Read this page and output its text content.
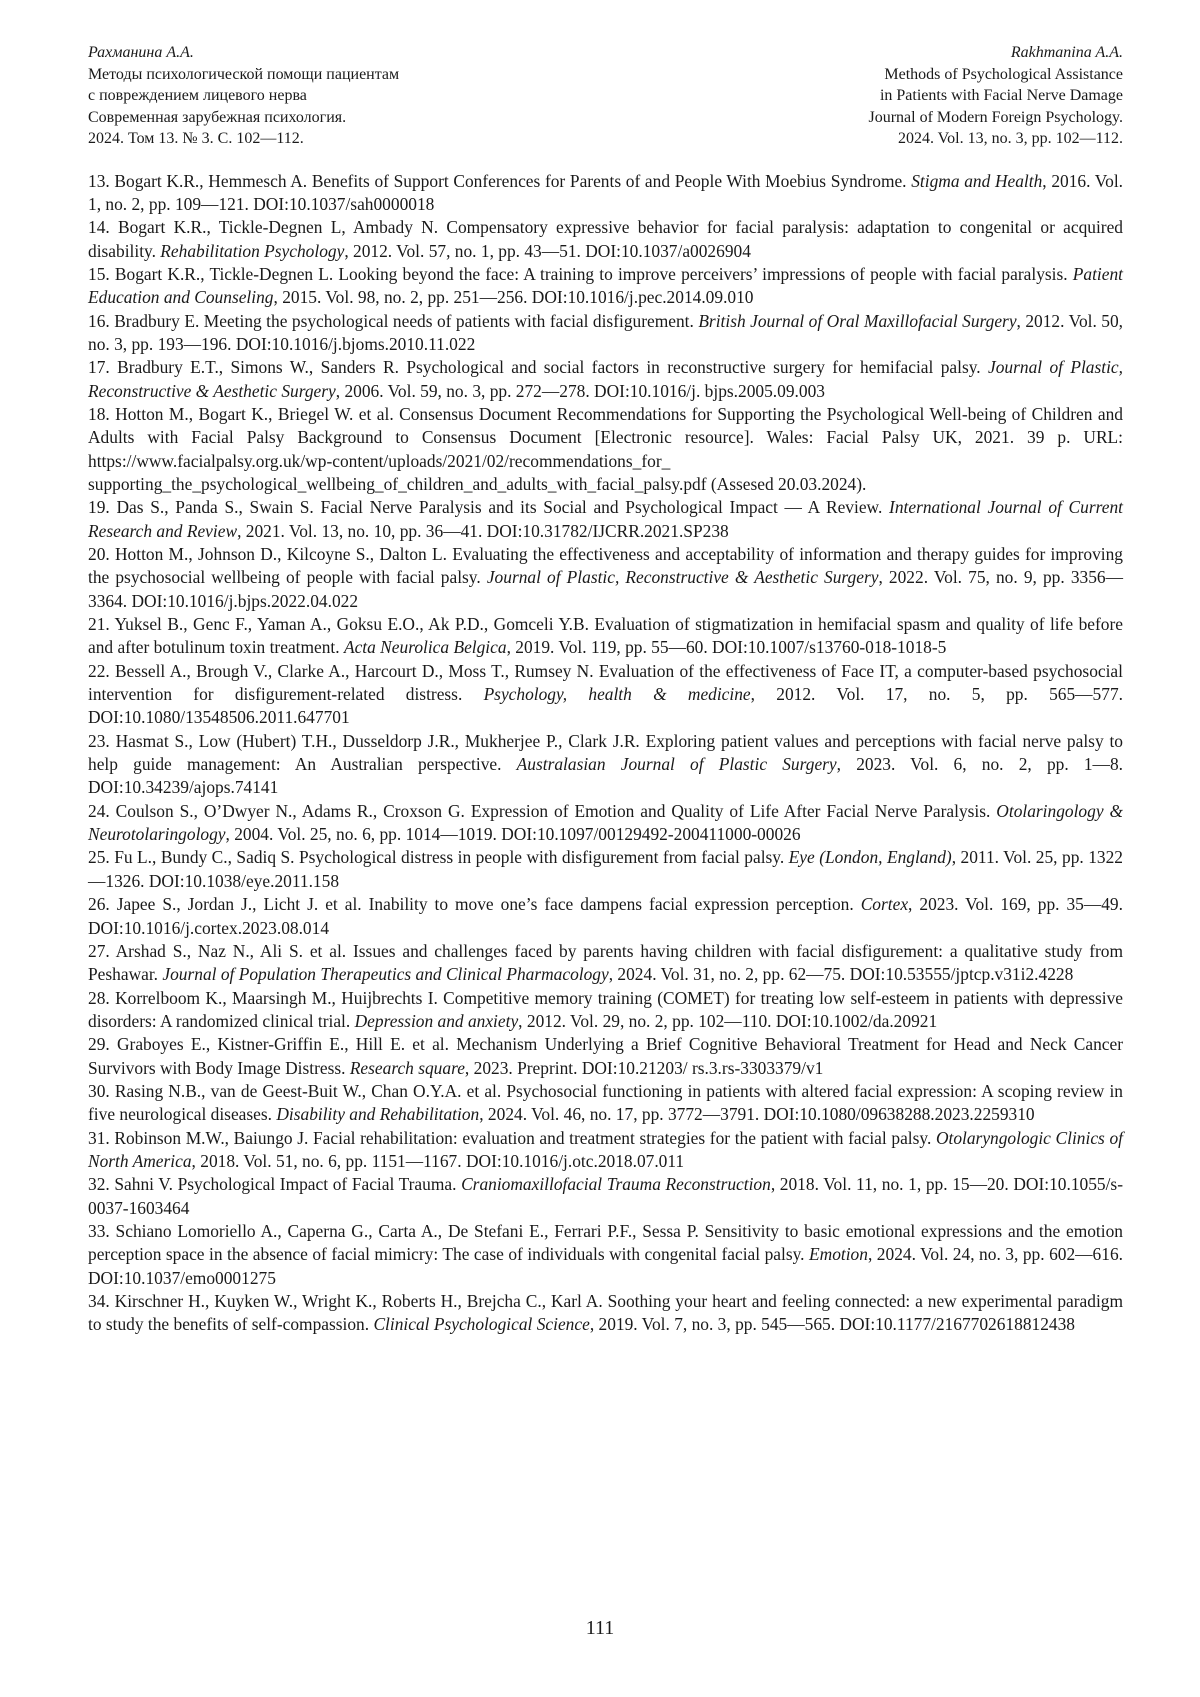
Рахманина А.А.
Методы психологической помощи пациентам
с повреждением лицевого нерва
Современная зарубежная психология.
2024. Том 13. № 3. С. 102—112.
Rakhmanina A.A.
Methods of Psychological Assistance
in Patients with Facial Nerve Damage
Journal of Modern Foreign Psychology.
2024. Vol. 13, no. 3, pp. 102—112.

13. Bogart K.R., Hemmesch A. Benefits of Support Conferences for Parents of and People With Moebius Syndrome. Stigma and Health, 2016. Vol. 1, no. 2, pp. 109—121. DOI:10.1037/sah0000018

14. Bogart K.R., Tickle-Degnen L, Ambady N. Compensatory expressive behavior for facial paralysis: adaptation to congenital or acquired disability. Rehabilitation Psychology, 2012. Vol. 57, no. 1, pp. 43—51. DOI:10.1037/a0026904

15. Bogart K.R., Tickle-Degnen L. Looking beyond the face: A training to improve perceivers’ impressions of people with facial paralysis. Patient Education and Counseling, 2015. Vol. 98, no. 2, pp. 251—256. DOI:10.1016/j.pec.2014.09.010

16. Bradbury E. Meeting the psychological needs of patients with facial disfigurement. British Journal of Oral Maxillofacial Surgery, 2012. Vol. 50, no. 3, pp. 193—196. DOI:10.1016/j.bjoms.2010.11.022

17. Bradbury E.T., Simons W., Sanders R. Psychological and social factors in reconstructive surgery for hemifacial palsy. Journal of Plastic, Reconstructive & Aesthetic Surgery, 2006. Vol. 59, no. 3, pp. 272—278. DOI:10.1016/j. bjps.2005.09.003

18. Hotton M., Bogart K., Briegel W. et al. Consensus Document Recommendations for Supporting the Psychological Well-being of Children and Adults with Facial Palsy Background to Consensus Document [Electronic resource]. Wales: Facial Palsy UK, 2021. 39 p. URL: https://www.facialpalsy.org.uk/wp-content/uploads/2021/02/recommendations_for_ supporting_the_psychological_wellbeing_of_children_and_adults_with_facial_palsy.pdf (Assesed 20.03.2024).

19. Das S., Panda S., Swain S. Facial Nerve Paralysis and its Social and Psychological Impact — A Review. International Journal of Current Research and Review, 2021. Vol. 13, no. 10, pp. 36—41. DOI:10.31782/IJCRR.2021.SP238

20. Hotton M., Johnson D., Kilcoyne S., Dalton L. Evaluating the effectiveness and acceptability of information and therapy guides for improving the psychosocial wellbeing of people with facial palsy. Journal of Plastic, Reconstructive & Aesthetic Surgery, 2022. Vol. 75, no. 9, pp. 3356—3364. DOI:10.1016/j.bjps.2022.04.022

21. Yuksel B., Genc F., Yaman A., Goksu E.O., Ak P.D., Gomceli Y.B. Evaluation of stigmatization in hemifacial spasm and quality of life before and after botulinum toxin treatment. Acta Neurolica Belgica, 2019. Vol. 119, pp. 55—60. DOI:10.1007/s13760-018-1018-5

22. Bessell A., Brough V., Clarke A., Harcourt D., Moss T., Rumsey N. Evaluation of the effectiveness of Face IT, a computer-based psychosocial intervention for disfigurement-related distress. Psychology, health & medicine, 2012. Vol. 17, no. 5, pp. 565—577. DOI:10.1080/13548506.2011.647701

23. Hasmat S., Low (Hubert) T.H., Dusseldorp J.R., Mukherjee P., Clark J.R. Exploring patient values and perceptions with facial nerve palsy to help guide management: An Australian perspective. Australasian Journal of Plastic Surgery, 2023. Vol. 6, no. 2, pp. 1—8. DOI:10.34239/ajops.74141

24. Coulson S., O’Dwyer N., Adams R., Croxson G. Expression of Emotion and Quality of Life After Facial Nerve Paralysis. Otolaringology & Neurotolaringology, 2004. Vol. 25, no. 6, pp. 1014—1019. DOI:10.1097/00129492-200411000-00026

25. Fu L., Bundy C., Sadiq S. Psychological distress in people with disfigurement from facial palsy. Eye (London, England), 2011. Vol. 25, pp. 1322—1326. DOI:10.1038/eye.2011.158

26. Japee S., Jordan J., Licht J. et al. Inability to move one’s face dampens facial expression perception. Cortex, 2023. Vol. 169, pp. 35—49. DOI:10.1016/j.cortex.2023.08.014

27. Arshad S., Naz N., Ali S. et al. Issues and challenges faced by parents having children with facial disfigurement: a qualitative study from Peshawar. Journal of Population Therapeutics and Clinical Pharmacology, 2024. Vol. 31, no. 2, pp. 62—75. DOI:10.53555/jptcp.v31i2.4228

28. Korrelboom K., Maarsingh M., Huijbrechts I. Competitive memory training (COMET) for treating low self-esteem in patients with depressive disorders: A randomized clinical trial. Depression and anxiety, 2012. Vol. 29, no. 2, pp. 102—110. DOI:10.1002/da.20921

29. Graboyes E., Kistner-Griffin E., Hill E. et al. Mechanism Underlying a Brief Cognitive Behavioral Treatment for Head and Neck Cancer Survivors with Body Image Distress. Research square, 2023. Preprint. DOI:10.21203/ rs.3.rs-3303379/v1

30. Rasing N.B., van de Geest-Buit W., Chan O.Y.A. et al. Psychosocial functioning in patients with altered facial expression: A scoping review in five neurological diseases. Disability and Rehabilitation, 2024. Vol. 46, no. 17, pp. 3772—3791. DOI:10.1080/09638288.2023.2259310

31. Robinson M.W., Baiungo J. Facial rehabilitation: evaluation and treatment strategies for the patient with facial palsy. Otolaryngologic Clinics of North America, 2018. Vol. 51, no. 6, pp. 1151—1167. DOI:10.1016/j.otc.2018.07.011

32. Sahni V. Psychological Impact of Facial Trauma. Craniomaxillofacial Trauma Reconstruction, 2018. Vol. 11, no. 1, pp. 15—20. DOI:10.1055/s-0037-1603464

33. Schiano Lomoriello A., Caperna G., Carta A., De Stefani E., Ferrari P.F., Sessa P. Sensitivity to basic emotional expressions and the emotion perception space in the absence of facial mimicry: The case of individuals with congenital facial palsy. Emotion, 2024. Vol. 24, no. 3, pp. 602—616. DOI:10.1037/emo0001275

34. Kirschner H., Kuyken W., Wright K., Roberts H., Brejcha C., Karl A. Soothing your heart and feeling connected: a new experimental paradigm to study the benefits of self-compassion. Clinical Psychological Science, 2019. Vol. 7, no. 3, pp. 545—565. DOI:10.1177/2167702618812438

111
